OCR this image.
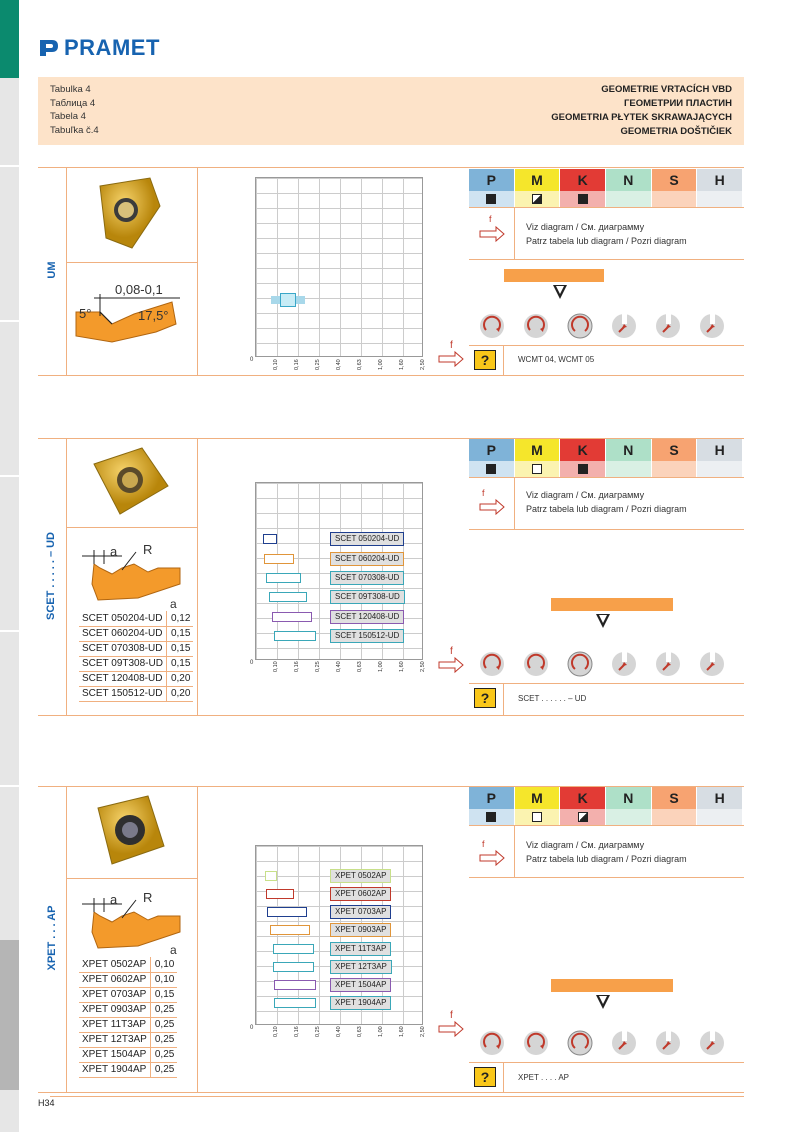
PRAMET
Tabulka 4
Таблица 4
Tabela 4
Tabuľka č.4
GEOMETRIE VRTACÍCH VBD
ГЕОМЕТРИИ ПЛАСТИН
GEOMETRIA PŁYTEK SKRAWAJĄCYCH
GEOMETRIA DOŠTIČIEK
UM
0,08-0,1
5°	17,5°
0	0,10	0,16	0,25	0,40	0,63	1,00	1,60	2,50
f
P	M	K	N	S	H
f
Viz diagram / См. диаграмму
Patrz tabela lub diagram / Pozri diagram
?	WCMT 04, WCMT 05
SCET . . . . . – UD	a R
a
SCET 050204-UD	0,12
SCET 060204-UD	0,15
SCET 070308-UD	0,15
SCET 09T308-UD	0,15
SCET 120408-UD	0,20
SCET 150512-UD	0,20
SCET 050204-UD
SCET 060204-UD
SCET 070308-UD
SCET 09T308-UD
SCET 120408-UD
SCET 150512-UD
0	0,10	0,16	0,25	0,40	0,63	1,00	1,60	2,50
f
P	M	K	N	S	H
f	Viz diagram / См. диаграмму
Patrz tabela lub diagram / Pozri diagram
?	SCET . . . . . . – UD
XPET . . . AP
a R
a
XPET 0502AP	0,10
XPET 0602AP	0,10
XPET 0703AP	0,15
XPET 0903AP	0,25
XPET 11T3AP	0,25
XPET 12T3AP	0,25
XPET 1504AP	0,25
XPET 1904AP	0,25
XPET 0502AP
XPET 0602AP
XPET 0703AP
XPET 0903AP
XPET 11T3AP
XPET 12T3AP
XPET 1504AP
XPET 1904AP
0	0,10	0,16	0,25	0,40	0,63	1,00	1,60	2,50
f
P	M	K	N	S	H
f	Viz diagram / См. диаграмму
Patrz tabela lub diagram / Pozri diagram
?	XPET . . . . AP
H34
